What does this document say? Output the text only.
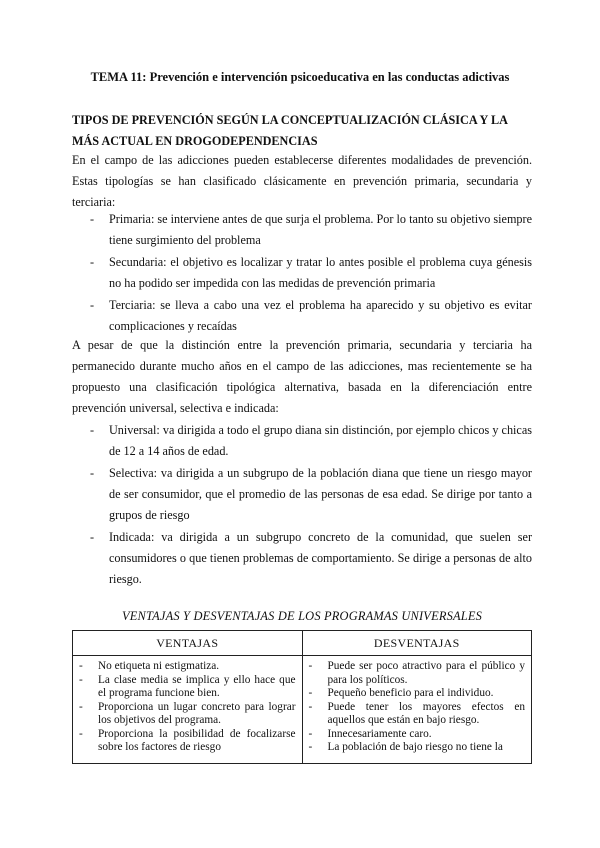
TEMA 11: Prevención e intervención psicoeducativa en las conductas adictivas
TIPOS DE PREVENCIÓN SEGÚN LA CONCEPTUALIZACIÓN CLÁSICA Y LA MÁS ACTUAL EN DROGODEPENDENCIAS

En el campo de las adicciones pueden establecerse diferentes modalidades de prevención. Estas tipologías se han clasificado clásicamente en prevención primaria, secundaria y terciaria:

- Primaria: se interviene antes de que surja el problema. Por lo tanto su objetivo siempre tiene surgimiento del problema
- Secundaria: el objetivo es localizar y tratar lo antes posible el problema cuya génesis no ha podido ser impedida con las medidas de prevención primaria
- Terciaria: se lleva a cabo una vez el problema ha aparecido y su objetivo es evitar complicaciones y recaídas

A pesar de que la distinción entre la prevención primaria, secundaria y terciaria ha permanecido durante mucho años en el campo de las adicciones, mas recientemente se ha propuesto una clasificación tipológica alternativa, basada en la diferenciación entre prevención universal, selectiva e indicada:

- Universal: va dirigida a todo el grupo diana sin distinción, por ejemplo chicos y chicas de 12 a 14 años de edad.
- Selectiva: va dirigida a un subgrupo de la población diana que tiene un riesgo mayor de ser consumidor, que el promedio de las personas de esa edad. Se dirige por tanto a grupos de riesgo
- Indicada: va dirigida a un subgrupo concreto de la comunidad, que suelen ser consumidores o que tienen problemas de comportamiento. Se dirige a personas de alto riesgo.
VENTAJAS Y DESVENTAJAS DE LOS PROGRAMAS UNIVERSALES
VENTAJAS	DESVENTAJAS
- No etiqueta ni estigmatiza.
- La clase media se implica y ello hace que el programa funcione bien.
- Proporciona un lugar concreto para lograr los objetivos del programa.
- Proporciona la posibilidad de focalizarse sobre los factores de riesgo
- Puede ser poco atractivo para el público y para los políticos.
- Pequeño beneficio para el individuo.
- Puede tener los mayores efectos en aquellos que están en bajo riesgo.
- Innecesariamente caro.
- La población de bajo riesgo no tiene la
